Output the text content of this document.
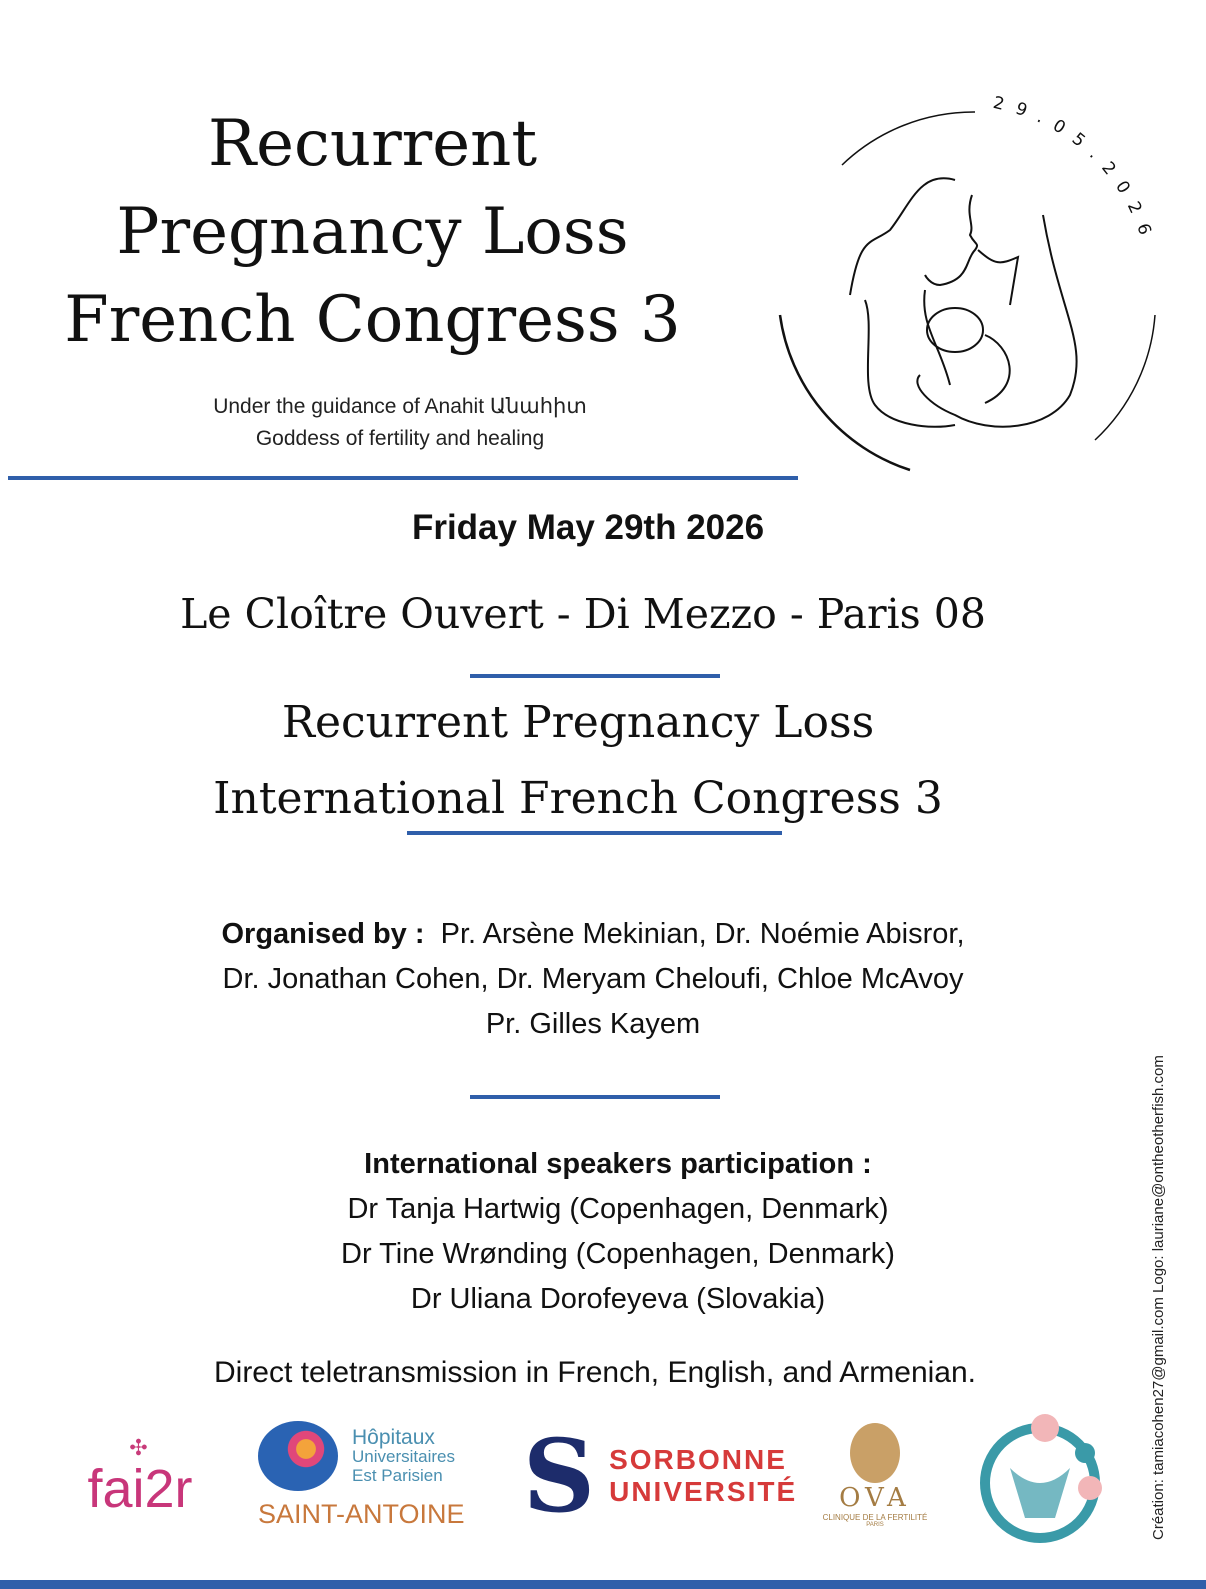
Recurrent
Pregnancy Loss
French Congress 3
Under the guidance of Anahit Անահիտ
Goddess of fertility and healing
29.05.2026
Friday May 29th 2026
Le Cloître Ouvert - Di Mezzo - Paris 08
Recurrent Pregnancy Loss
International French Congress 3
Organised by : Pr. Arsène Mekinian, Dr. Noémie Abisror,
Dr. Jonathan Cohen, Dr. Meryam Cheloufi, Chloe McAvoy
Pr. Gilles Kayem
International speakers participation :
Dr Tanja Hartwig (Copenhagen, Denmark)
Dr Tine Wrønding (Copenhagen, Denmark)
Dr Uliana Dorofeyeva (Slovakia)
Direct teletransmission in French, English, and Armenian.	Création: tamiacohen27@gmail.com Logo: lauriane@ontheotherfish.com
✣
fai2r
Hôpitaux
Universitaires
Est Parisien
SAINT-ANTOINE S SORBONNE
UNIVERSITÉ OVA
CLINIQUE DE LA FERTILITÉ
PARIS
